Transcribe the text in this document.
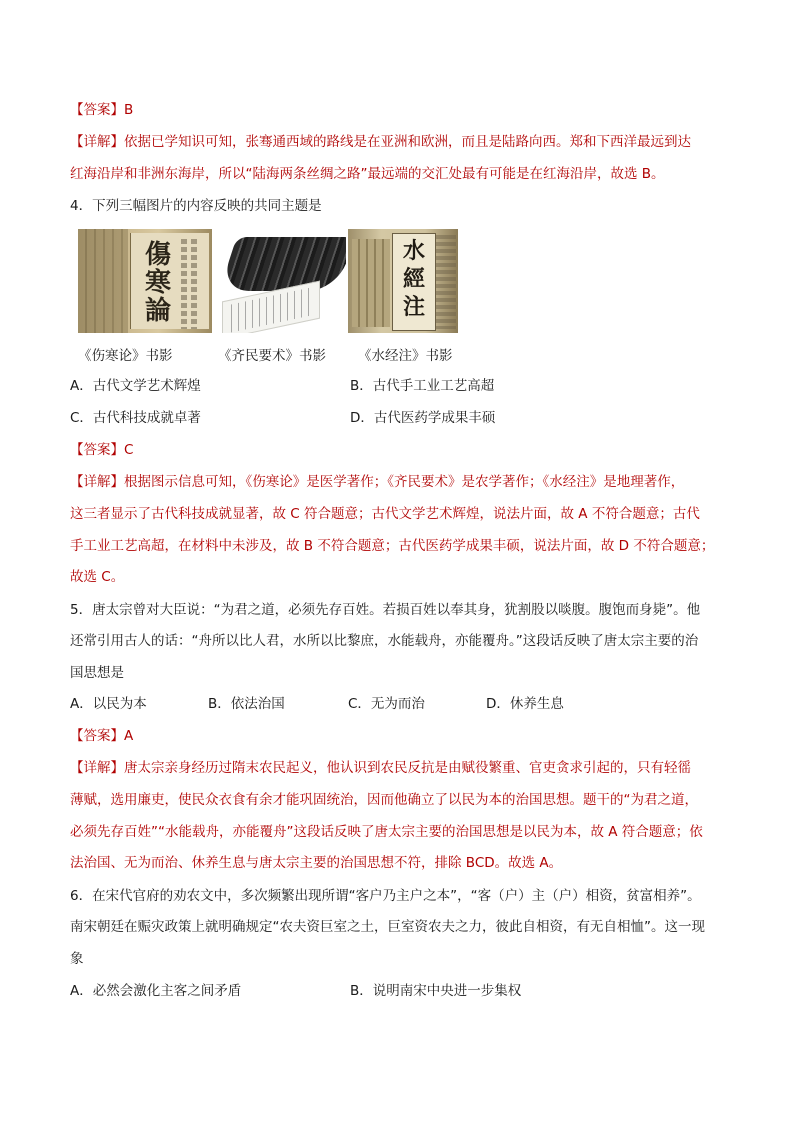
【答案】B
【详解】依据已学知识可知，张骞通西域的路线是在亚洲和欧洲，而且是陆路向西。郑和下西洋最远到达
红海沿岸和非洲东海岸，所以“陆海两条丝绸之路”最远端的交汇处最有可能是在红海沿岸，故选 B。
4．下列三幅图片的内容反映的共同主题是
傷
寒
論
水
經
注
《伤寒论》书影	《齐民要术》书影 《水经注》书影
A．古代文学艺术辉煌	B．古代手工业工艺高超
C．古代科技成就卓著	D．古代医药学成果丰硕
【答案】C
【详解】根据图示信息可知，《伤寒论》是医学著作；《齐民要术》是农学著作；《水经注》是地理著作，
这三者显示了古代科技成就显著，故 C 符合题意；古代文学艺术辉煌，说法片面，故 A 不符合题意；古代
手工业工艺高超，在材料中未涉及，故 B 不符合题意；古代医药学成果丰硕，说法片面，故 D 不符合题意；
故选 C。
5．唐太宗曾对大臣说：“为君之道，必须先存百姓。若损百姓以奉其身，犹割股以啖腹。腹饱而身毙”。他
还常引用古人的话：“舟所以比人君，水所以比黎庶，水能载舟，亦能覆舟。”这段话反映了唐太宗主要的治
国思想是
A．以民为本	B．依法治国	C．无为而治	D．休养生息
【答案】A
【详解】唐太宗亲身经历过隋末农民起义，他认识到农民反抗是由赋役繁重、官吏贪求引起的，只有轻徭
薄赋，选用廉吏，使民众衣食有余才能巩固统治，因而他确立了以民为本的治国思想。题干的“为君之道，
必须先存百姓”“水能载舟，亦能覆舟”这段话反映了唐太宗主要的治国思想是以民为本，故 A 符合题意；依
法治国、无为而治、休养生息与唐太宗主要的治国思想不符，排除 BCD。故选 A。
6．在宋代官府的劝农文中，多次频繁出现所谓“客户乃主户之本”，“客（户）主（户）相资，贫富相养”。
南宋朝廷在赈灾政策上就明确规定“农夫资巨室之土，巨室资农夫之力，彼此自相资，有无自相恤”。这一现
象
A．必然会激化主客之间矛盾	B．说明南宋中央进一步集权
